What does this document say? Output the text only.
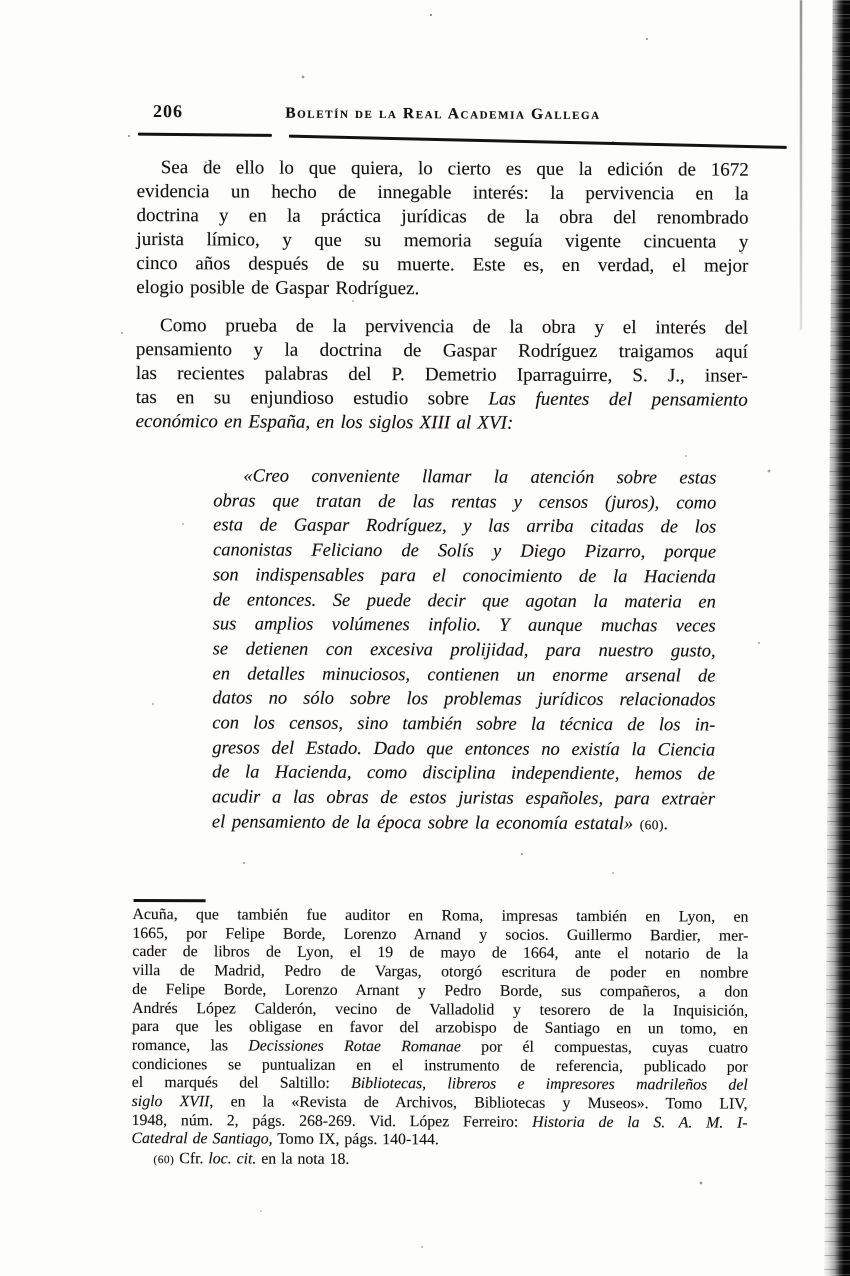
206	Boletín de la Real Academia Gallega
Sea de ello lo que quiera, lo cierto es que la edición de 1672
evidencia un hecho de innegable interés: la pervivencia en la
doctrina y en la práctica jurídicas de la obra del renombrado
jurista límico, y que su memoria seguía vigente cincuenta y
cinco años después de su muerte. Este es, en verdad, el mejor
elogio posible de Gaspar Rodríguez.
Como prueba de la pervivencia de la obra y el interés del
pensamiento y la doctrina de Gaspar Rodríguez traigamos aquí
las recientes palabras del P. Demetrio Iparraguirre, S. J., inser-
tas en su enjundioso estudio sobre Las fuentes del pensamiento
económico en España, en los siglos XIII al XVI:
«Creo conveniente llamar la atención sobre estas
obras que tratan de las rentas y censos (juros), como
esta de Gaspar Rodríguez, y las arriba citadas de los
canonistas Feliciano de Solís y Diego Pizarro, porque
son indispensables para el conocimiento de la Hacienda
de entonces. Se puede decir que agotan la materia en
sus amplios volúmenes infolio. Y aunque muchas veces
se detienen con excesiva prolijidad, para nuestro gusto,
en detalles minuciosos, contienen un enorme arsenal de
datos no sólo sobre los problemas jurídicos relacionados
con los censos, sino también sobre la técnica de los in-
gresos del Estado. Dado que entonces no existía la Ciencia
de la Hacienda, como disciplina independiente, hemos de
acudir a las obras de estos juristas españoles, para extraer
el pensamiento de la época sobre la economía estatal» (60).
Acuña, que también fue auditor en Roma, impresas también en Lyon, en
1665, por Felipe Borde, Lorenzo Arnand y socios. Guillermo Bardier, mer-
cader de libros de Lyon, el 19 de mayo de 1664, ante el notario de la
villa de Madrid, Pedro de Vargas, otorgó escritura de poder en nombre
de Felipe Borde, Lorenzo Arnant y Pedro Borde, sus compañeros, a don
Andrés López Calderón, vecino de Valladolid y tesorero de la Inquisición,
para que les obligase en favor del arzobispo de Santiago en un tomo, en
romance, las Decissiones Rotae Romanae por él compuestas, cuyas cuatro
condiciones se puntualizan en el instrumento de referencia, publicado por
el marqués del Saltillo: Bibliotecas, libreros e impresores madrileños del
siglo XVII, en la «Revista de Archivos, Bibliotecas y Museos». Tomo LIV,
1948, núm. 2, págs. 268-269. Vid. López Ferreiro: Historia de la S. A. M. I-
Catedral de Santiago, Tomo IX, págs. 140-144.
(60) Cfr. loc. cit. en la nota 18.
